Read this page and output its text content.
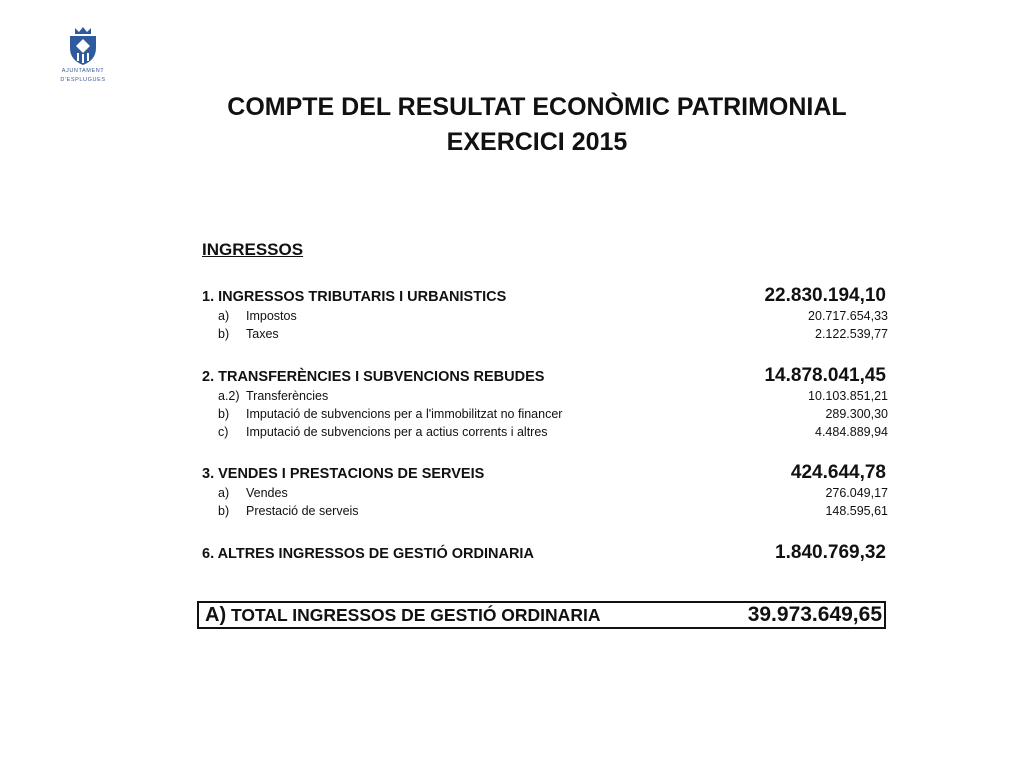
AJUNTAMENT
D'ESPLUGUES
COMPTE DEL RESULTAT ECONÒMIC PATRIMONIAL
EXERCICI 2015
INGRESSOS
1. INGRESSOS TRIBUTARIS I URBANISTICS	22.830.194,10
a) Impostos	20.717.654,33
b) Taxes	2.122.539,77
2. TRANSFERÈNCIES I SUBVENCIONS REBUDES	14.878.041,45
a.2) Transferències	10.103.851,21
b) Imputació de subvencions per a l'immobilitzat no financer	289.300,30
c) Imputació de subvencions per a actius corrents i altres	4.484.889,94
3. VENDES I PRESTACIONS DE SERVEIS	424.644,78
a) Vendes	276.049,17
b) Prestació de serveis	148.595,61
6. ALTRES INGRESSOS DE GESTIÓ ORDINARIA	1.840.769,32
A) TOTAL INGRESSOS DE GESTIÓ ORDINARIA	39.973.649,65
